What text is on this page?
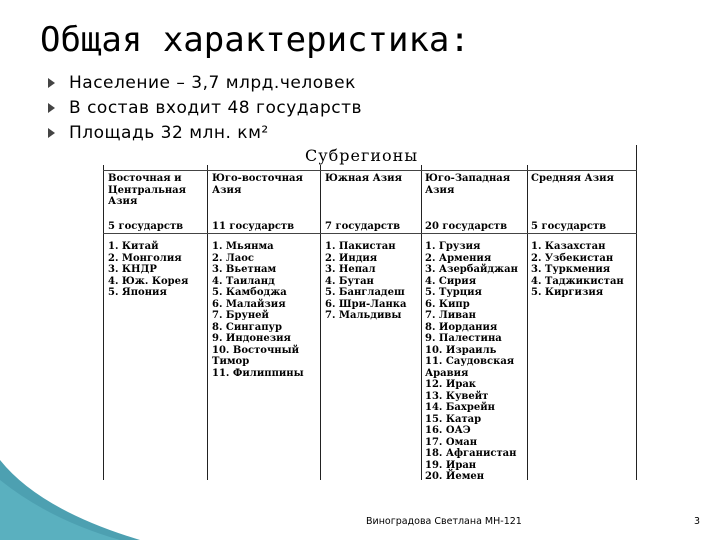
Общая характеристика:
Население – 3,7 млрд.человек
В состав входит 48 государств
Площадь 32 млн. км²
Субрегионы
Восточная и Центральная Азия
5 государств
1. Китай
2. Монголия
3. КНДР
4. Юж. Корея
5. Япония
Юго-восточная Азия
11 государств
1. Мьянма
2. Лаос
3. Вьетнам
4. Таиланд
5. Камбоджа
6. Малайзия
7. Бруней
8. Сингапур
9. Индонезия
10. Восточный
Тимор
11. Филиппины
Южная Азия
7 государств
1. Пакистан
2. Индия
3. Непал
4. Бутан
5. Бангладеш
6. Шри-Ланка
7. Мальдивы
Юго-Западная Азия
20 государств
1. Грузия
2. Армения
3. Азербайджан
4. Сирия
5. Турция
6. Кипр
7. Ливан
8. Иордания
9. Палестина
10. Израиль
11. Саудовская
Аравия
12. Ирак
13. Кувейт
14. Бахрейн
15. Катар
16. ОАЭ
17. Оман
18. Афганистан
19. Иран
20. Йемен
Средняя Азия
5 государств
1. Казахстан
2. Узбекистан
3. Туркмения
4. Таджикистан
5. Киргизия
Виноградова Светлана МН-121	3
